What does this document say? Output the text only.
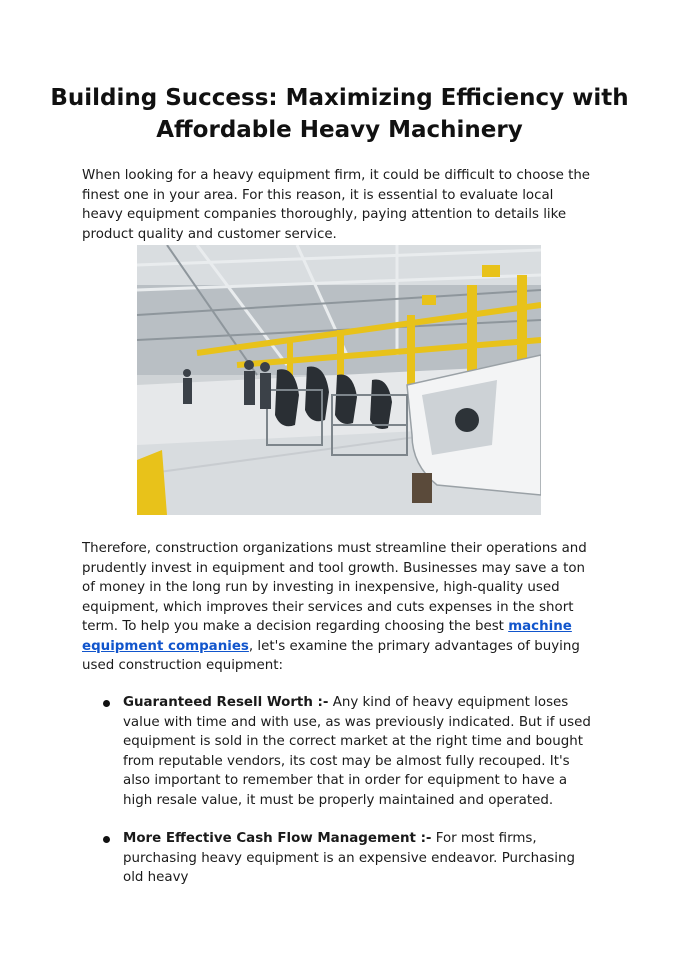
Building Success: Maximizing Efficiency with Affordable Heavy Machinery

When looking for a heavy equipment firm, it could be difficult to choose the finest one in your area. For this reason, it is essential to evaluate local heavy equipment companies thoroughly, paying attention to details like product quality and customer service.

Therefore, construction organizations must streamline their operations and prudently invest in equipment and tool growth. Businesses may save a ton of money in the long run by investing in inexpensive, high-quality used equipment, which improves their services and cuts expenses in the short term. To help you make a decision regarding choosing the best machine equipment companies, let's examine the primary advantages of buying used construction equipment:

Guaranteed Resell Worth :- Any kind of heavy equipment loses value with time and with use, as was previously indicated. But if used equipment is sold in the correct market at the right time and bought from reputable vendors, its cost may be almost fully recouped. It's also important to remember that in order for equipment to have a high resale value, it must be properly maintained and operated.
More Effective Cash Flow Management :- For most firms, purchasing heavy equipment is an expensive endeavor. Purchasing old heavy
